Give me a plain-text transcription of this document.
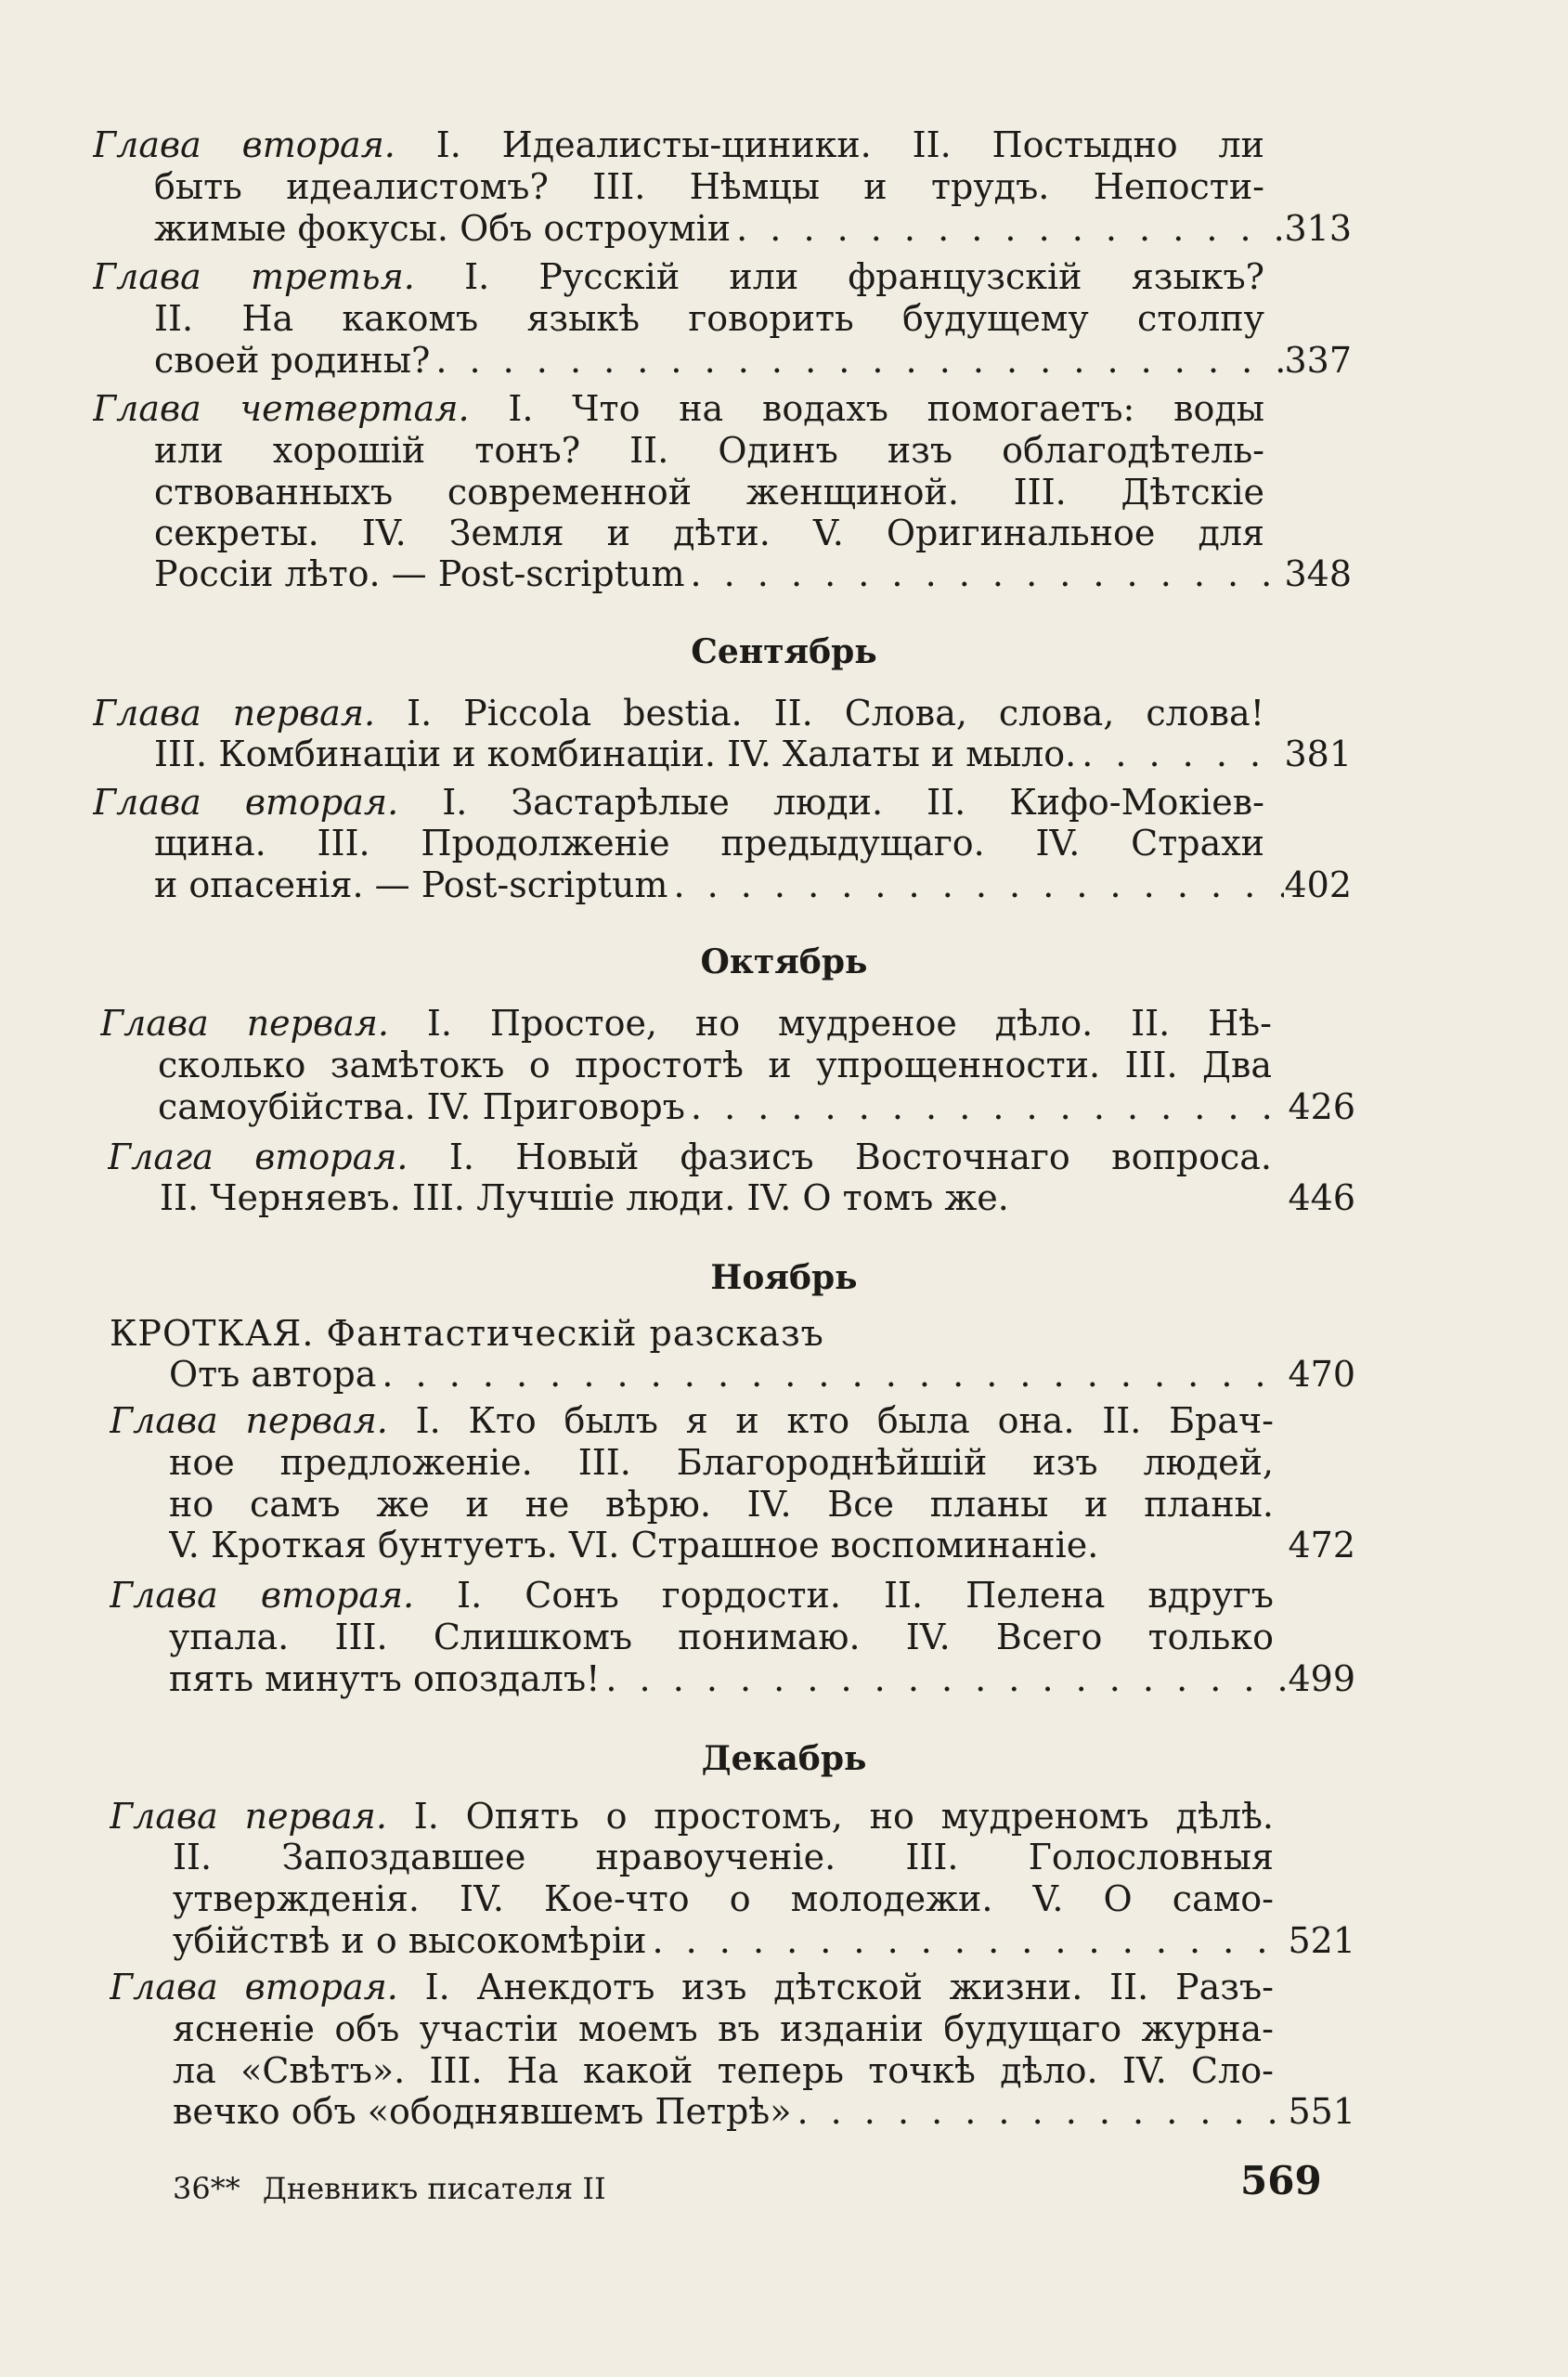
Глава вторая. I. Идеалисты-циники. II. Постыдно ли
быть идеалистомъ? III. Нѣмцы и трудъ. Непости-
жимые фокусы. Объ остроуміи . . .	313
Глава третья. I. Русскій или французскій языкъ?
II. На какомъ языкѣ говорить будущему столпу
своей родины? . . .	337
Глава четвертая. I. Что на водахъ помогаетъ: воды
или хорошій тонъ? II. Одинъ изъ облагодѣтель-
ствованныхъ современной женщиной. III. Дѣтскіе
секреты. IV. Земля и дѣти. V. Оригинальное для
Россіи лѣто. — Post-scriptum . . .	348
Сентябрь
Глава первая. I. Piccola bestia. II. Слова, слова, слова!
III. Комбинаціи и комбинаціи. IV. Халаты и мыло. . . .	381
Глава вторая. I. Застарѣлые люди. II. Кифо-Мокіев-
щина. III. Продолженіе предыдущаго. IV. Страхи
и опасенія. — Post-scriptum . . .	402
Октябрь
Глава первая. I. Простое, но мудреное дѣло. II. Нѣ-
сколько замѣтокъ о простотѣ и упрощенности. III. Два
самоубійства. IV. Приговоръ . . .	426
Глага вторая. I. Новый фазисъ Восточнаго вопроса.
II. Черняевъ. III. Лучшіе люди. IV. О томъ же.	446
Ноябрь
КРОТКАЯ. Фантастическій разсказъ
Отъ автора . . .	470
Глава первая. I. Кто былъ я и кто была она. II. Брач-
ное предложеніе. III. Благороднѣйшій изъ людей,
но самъ же и не вѣрю. IV. Все планы и планы.
V. Кроткая бунтуетъ. VI. Страшное воспоминаніе.	472
Глава вторая. I. Сонъ гордости. II. Пелена вдругъ
упала. III. Слишкомъ понимаю. IV. Всего только
пять минутъ опоздалъ! . . .	499
Декабрь
Глава первая. I. Опять о простомъ, но мудреномъ дѣлѣ.
II. Запоздавшее нравоученіе. III. Голословныя
утвержденія. IV. Кое-что о молодежи. V. О само-
убійствѣ и о высокомѣріи . . .	521
Глава вторая. I. Анекдотъ изъ дѣтской жизни. II. Разъ-
ясненіе объ участіи моемъ въ изданіи будущаго журна-
ла «Свѣтъ». III. На какой теперь точкѣ дѣло. IV. Сло-
вечко объ «ободнявшемъ Петрѣ» . . .	551
36** Дневникъ писателя II	569
